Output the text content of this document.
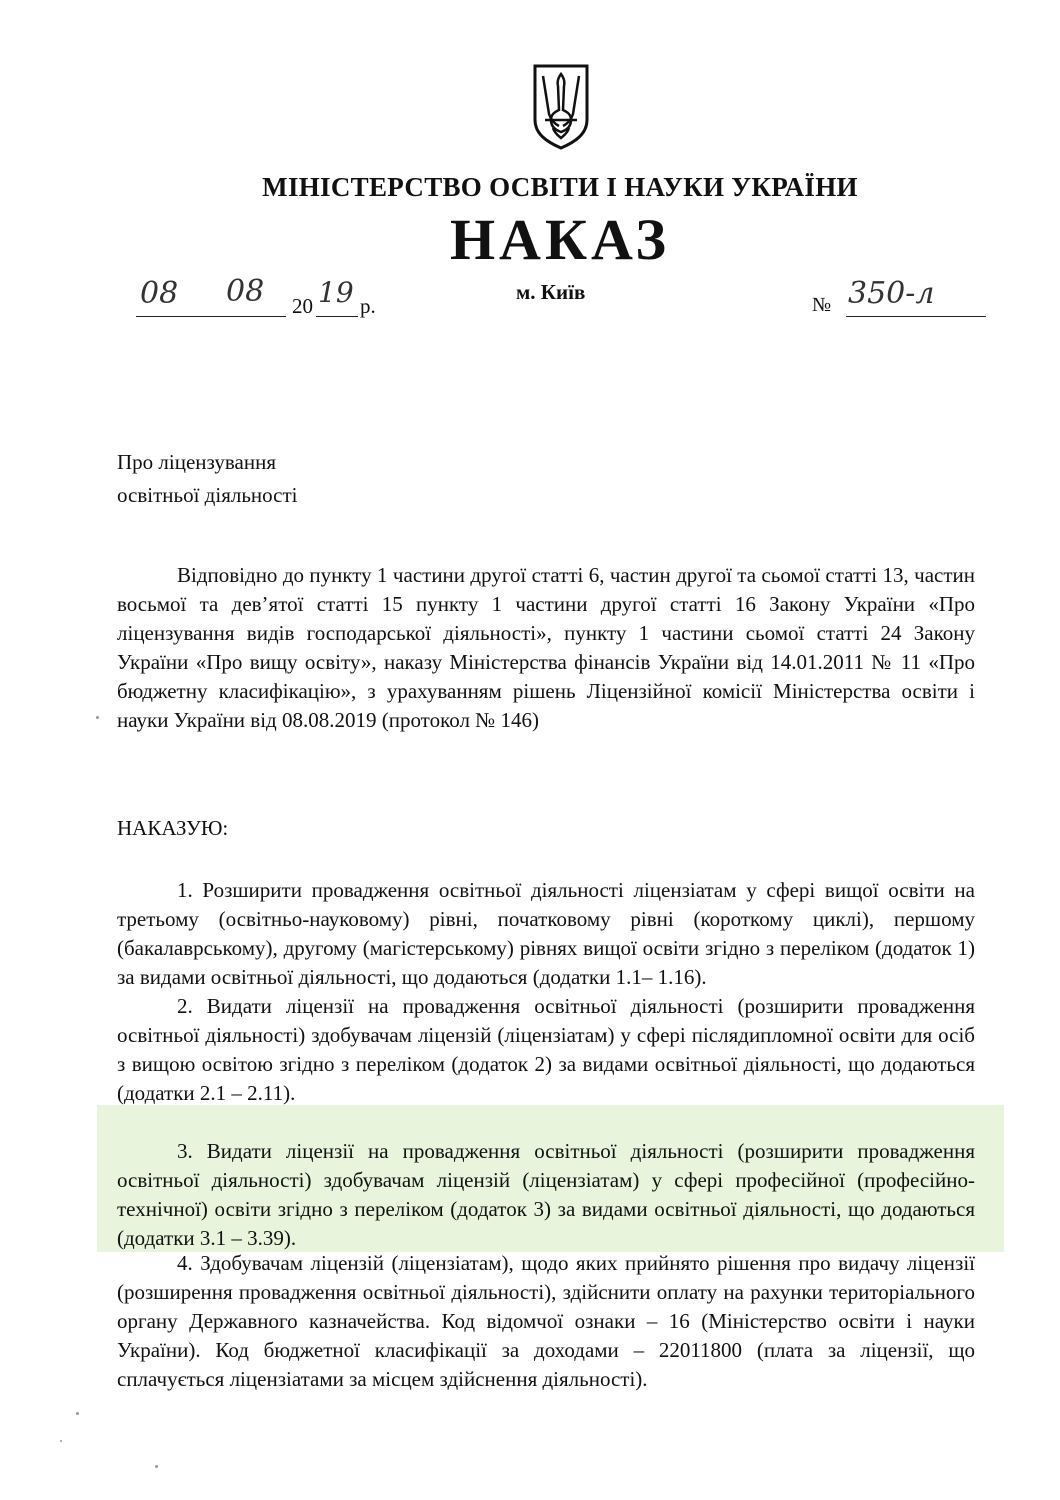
МІНІСТЕРСТВО ОСВІТИ І НАУКИ УКРАЇНИ
НАКАЗ
08 08 20 19 р.
м. Київ
№ 350-л
Про ліцензування
освітньої діяльності
Відповідно до пункту 1 частини другої статті 6, частин другої та сьомої статті 13, частин восьмої та дев’ятої статті 15 пункту 1 частини другої статті 16 Закону України «Про ліцензування видів господарської діяльності», пункту 1 частини сьомої статті 24 Закону України «Про вищу освіту», наказу Міністерства фінансів України від 14.01.2011 № 11 «Про бюджетну класифікацію», з урахуванням рішень Ліцензійної комісії Міністерства освіти і науки України від 08.08.2019 (протокол № 146)
НАКАЗУЮ:
1. Розширити провадження освітньої діяльності ліцензіатам у сфері вищої освіти на третьому (освітньо-науковому) рівні, початковому рівні (короткому циклі), першому (бакалаврському), другому (магістерському) рівнях вищої освіти згідно з переліком (додаток 1) за видами освітньої діяльності, що додаються (додатки 1.1– 1.16).
2. Видати ліцензії на провадження освітньої діяльності (розширити провадження освітньої діяльності) здобувачам ліцензій (ліцензіатам) у сфері післядипломної освіти для осіб з вищою освітою згідно з переліком (додаток 2) за видами освітньої діяльності, що додаються (додатки 2.1 – 2.11).
3. Видати ліцензії на провадження освітньої діяльності (розширити провадження освітньої діяльності) здобувачам ліцензій (ліцензіатам) у сфері професійної (професійно-технічної) освіти згідно з переліком (додаток 3) за видами освітньої діяльності, що додаються (додатки 3.1 – 3.39).
4. Здобувачам ліцензій (ліцензіатам), щодо яких прийнято рішення про видачу ліцензії (розширення провадження освітньої діяльності), здійснити оплату на рахунки територіального органу Державного казначейства. Код відомчої ознаки – 16 (Міністерство освіти і науки України). Код бюджетної класифікації за доходами – 22011800 (плата за ліцензії, що сплачується ліцензіатами за місцем здійснення діяльності).
